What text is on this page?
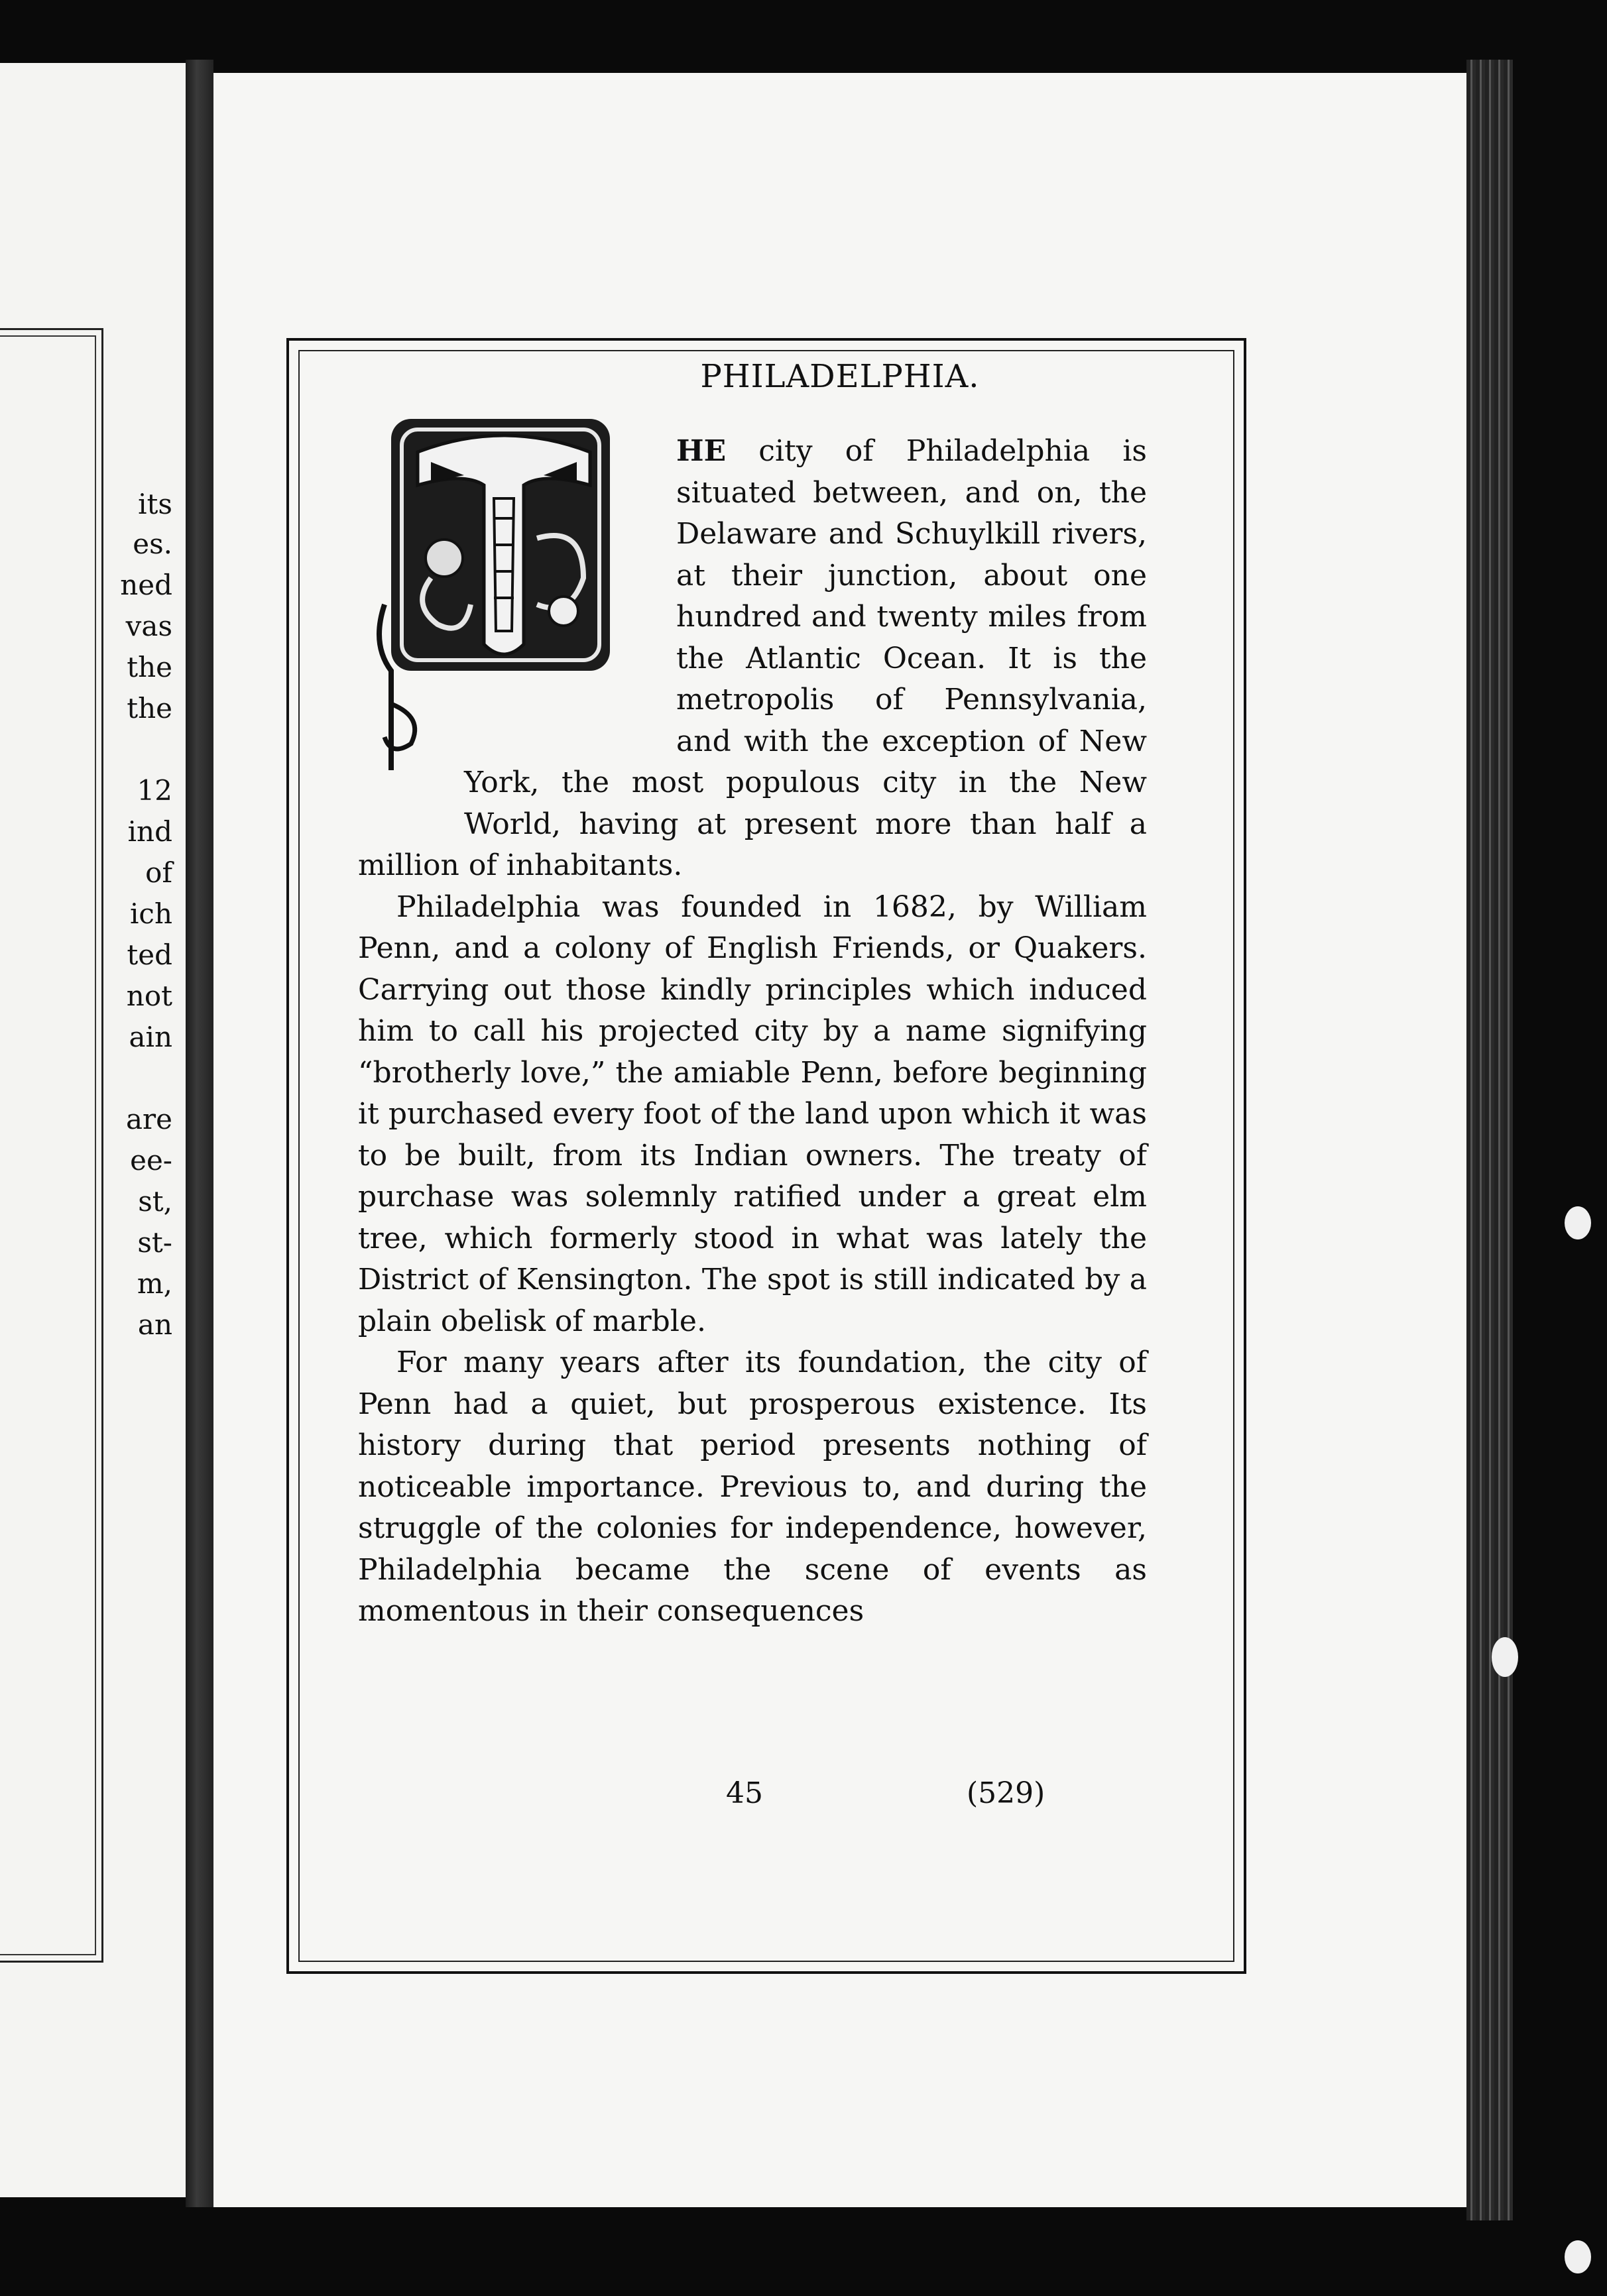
its
es.
ned
vas
the
the
12
ind
of
ich
ted
not
ain
are
ee-
st,
st-
m,
an
PHILADELPHIA.

HE city of Philadelphia is situated between, and on, the Delaware and Schuylkill rivers, at their junction, about one hundred and twenty miles from the Atlantic Ocean. It is the metropolis of Pennsylvania, and with the exception of New York, the most populous city in the New World, having at present more than half a million of inhabitants.

Philadelphia was founded in 1682, by William Penn, and a colony of English Friends, or Quakers. Carrying out those kindly principles which induced him to call his projected city by a name signifying “brotherly love,” the amiable Penn, before beginning it purchased every foot of the land upon which it was to be built, from its Indian owners. The treaty of purchase was solemnly ratified under a great elm tree, which formerly stood in what was lately the District of Kensington. The spot is still indicated by a plain obelisk of marble.

For many years after its foundation, the city of Penn had a quiet, but prosperous existence. Its history during that period presents nothing of noticeable importance. Previous to, and during the struggle of the colonies for independence, however, Philadelphia became the scene of events as momentous in their consequences

45	(529)
